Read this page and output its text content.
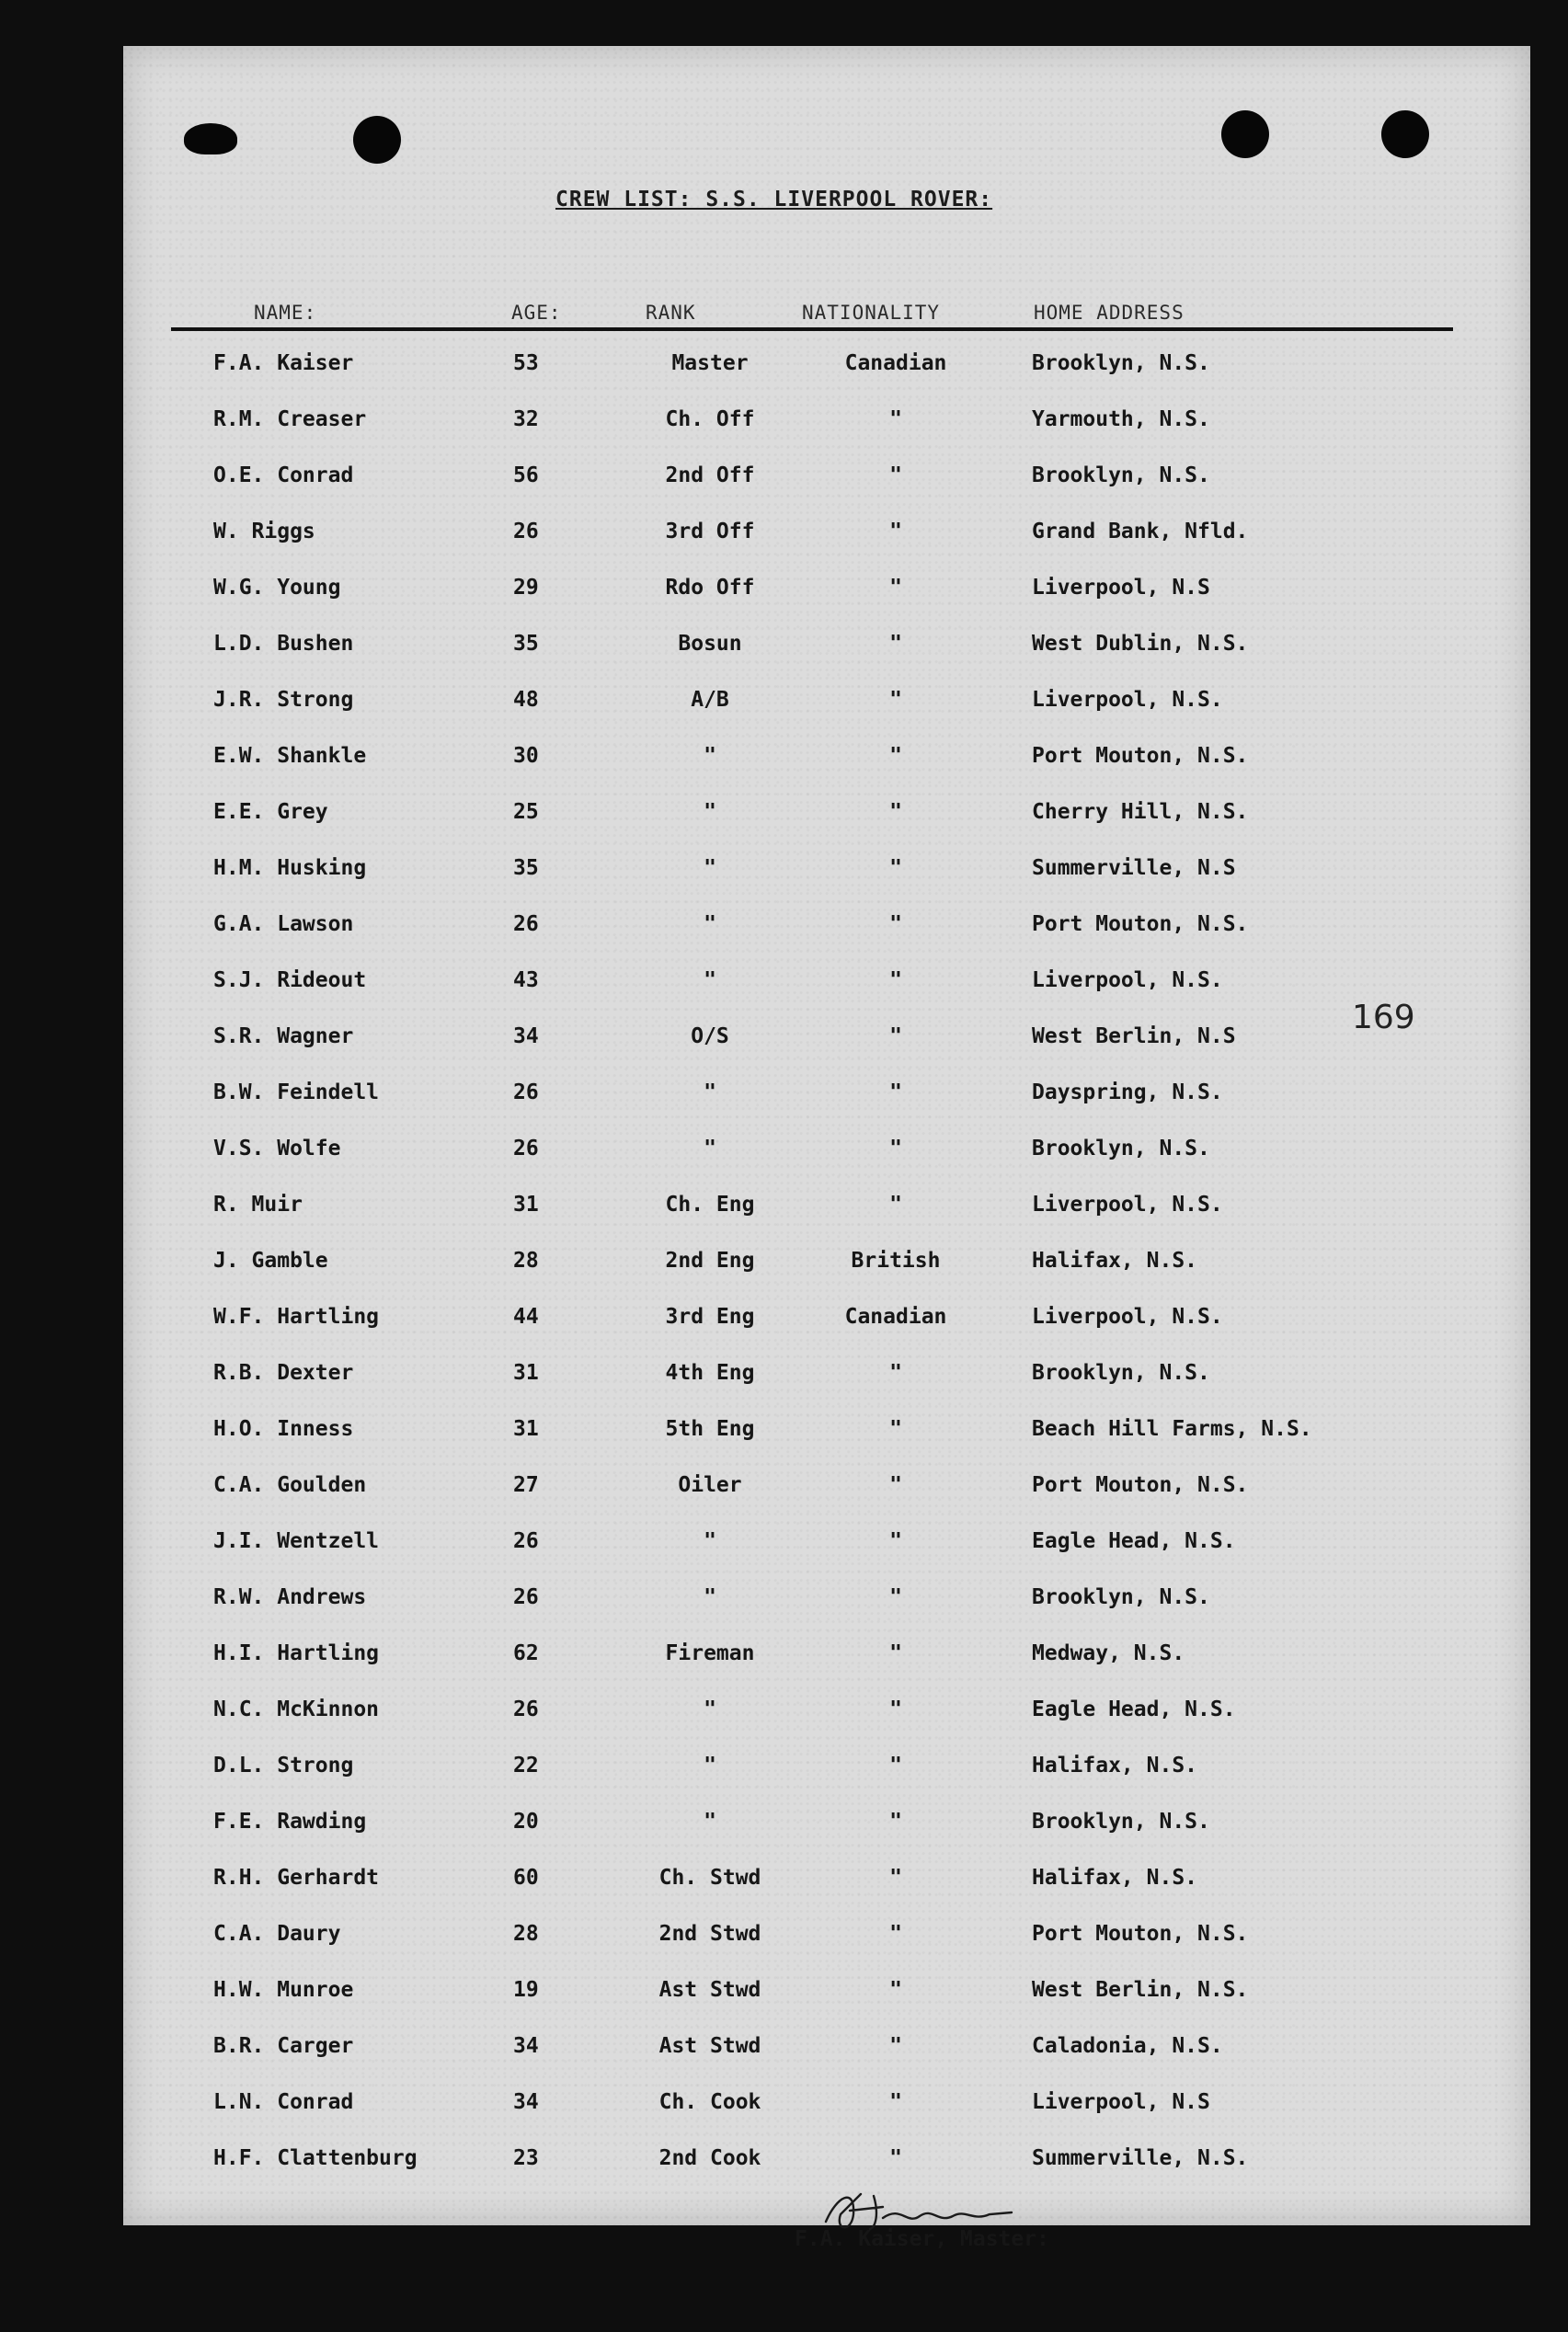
CREW LIST: S.S. LIVERPOOL ROVER:
NAME:	AGE:	RANK	NATIONALITY	HOME ADDRESS
F.A. Kaiser	53	Master	Canadian	Brooklyn, N.S.
R.M. Creaser	32	Ch. Off	"	Yarmouth, N.S.
O.E. Conrad	56	2nd Off	"	Brooklyn, N.S.
W. Riggs	26	3rd Off	"	Grand Bank, Nfld.
W.G. Young	29	Rdo Off	"	Liverpool, N.S
L.D. Bushen	35	Bosun	"	West Dublin, N.S.
J.R. Strong	48	A/B	"	Liverpool, N.S.
E.W. Shankle	30	"	"	Port Mouton, N.S.
E.E. Grey	25	"	"	Cherry Hill, N.S.
H.M. Husking	35	"	"	Summerville, N.S
G.A. Lawson	26	"	"	Port Mouton, N.S.
S.J. Rideout	43	"	"	Liverpool, N.S.
S.R. Wagner	34	O/S	"	West Berlin, N.S
B.W. Feindell	26	"	"	Dayspring, N.S.
V.S. Wolfe	26	"	"	Brooklyn, N.S.
R. Muir	31	Ch. Eng	"	Liverpool, N.S.
J. Gamble	28	2nd Eng	British	Halifax, N.S.
W.F. Hartling	44	3rd Eng	Canadian	Liverpool, N.S.
R.B. Dexter	31	4th Eng	"	Brooklyn, N.S.
H.O. Inness	31	5th Eng	"	Beach Hill Farms, N.S.
C.A. Goulden	27	Oiler	"	Port Mouton, N.S.
J.I. Wentzell	26	"	"	Eagle Head, N.S.
R.W. Andrews	26	"	"	Brooklyn, N.S.
H.I. Hartling	62	Fireman	"	Medway, N.S.
N.C. McKinnon	26	"	"	Eagle Head, N.S.
D.L. Strong	22	"	"	Halifax, N.S.
F.E. Rawding	20	"	"	Brooklyn, N.S.
R.H. Gerhardt	60	Ch. Stwd	"	Halifax, N.S.
C.A. Daury	28	2nd Stwd	"	Port Mouton, N.S.
H.W. Munroe	19	Ast Stwd	"	West Berlin, N.S.
B.R. Carger	34	Ast Stwd	"	Caladonia, N.S.
L.N. Conrad	34	Ch. Cook	"	Liverpool, N.S
H.F. Clattenburg	23	2nd Cook	"	Summerville, N.S.
169
F.A. Kaiser, Master:
